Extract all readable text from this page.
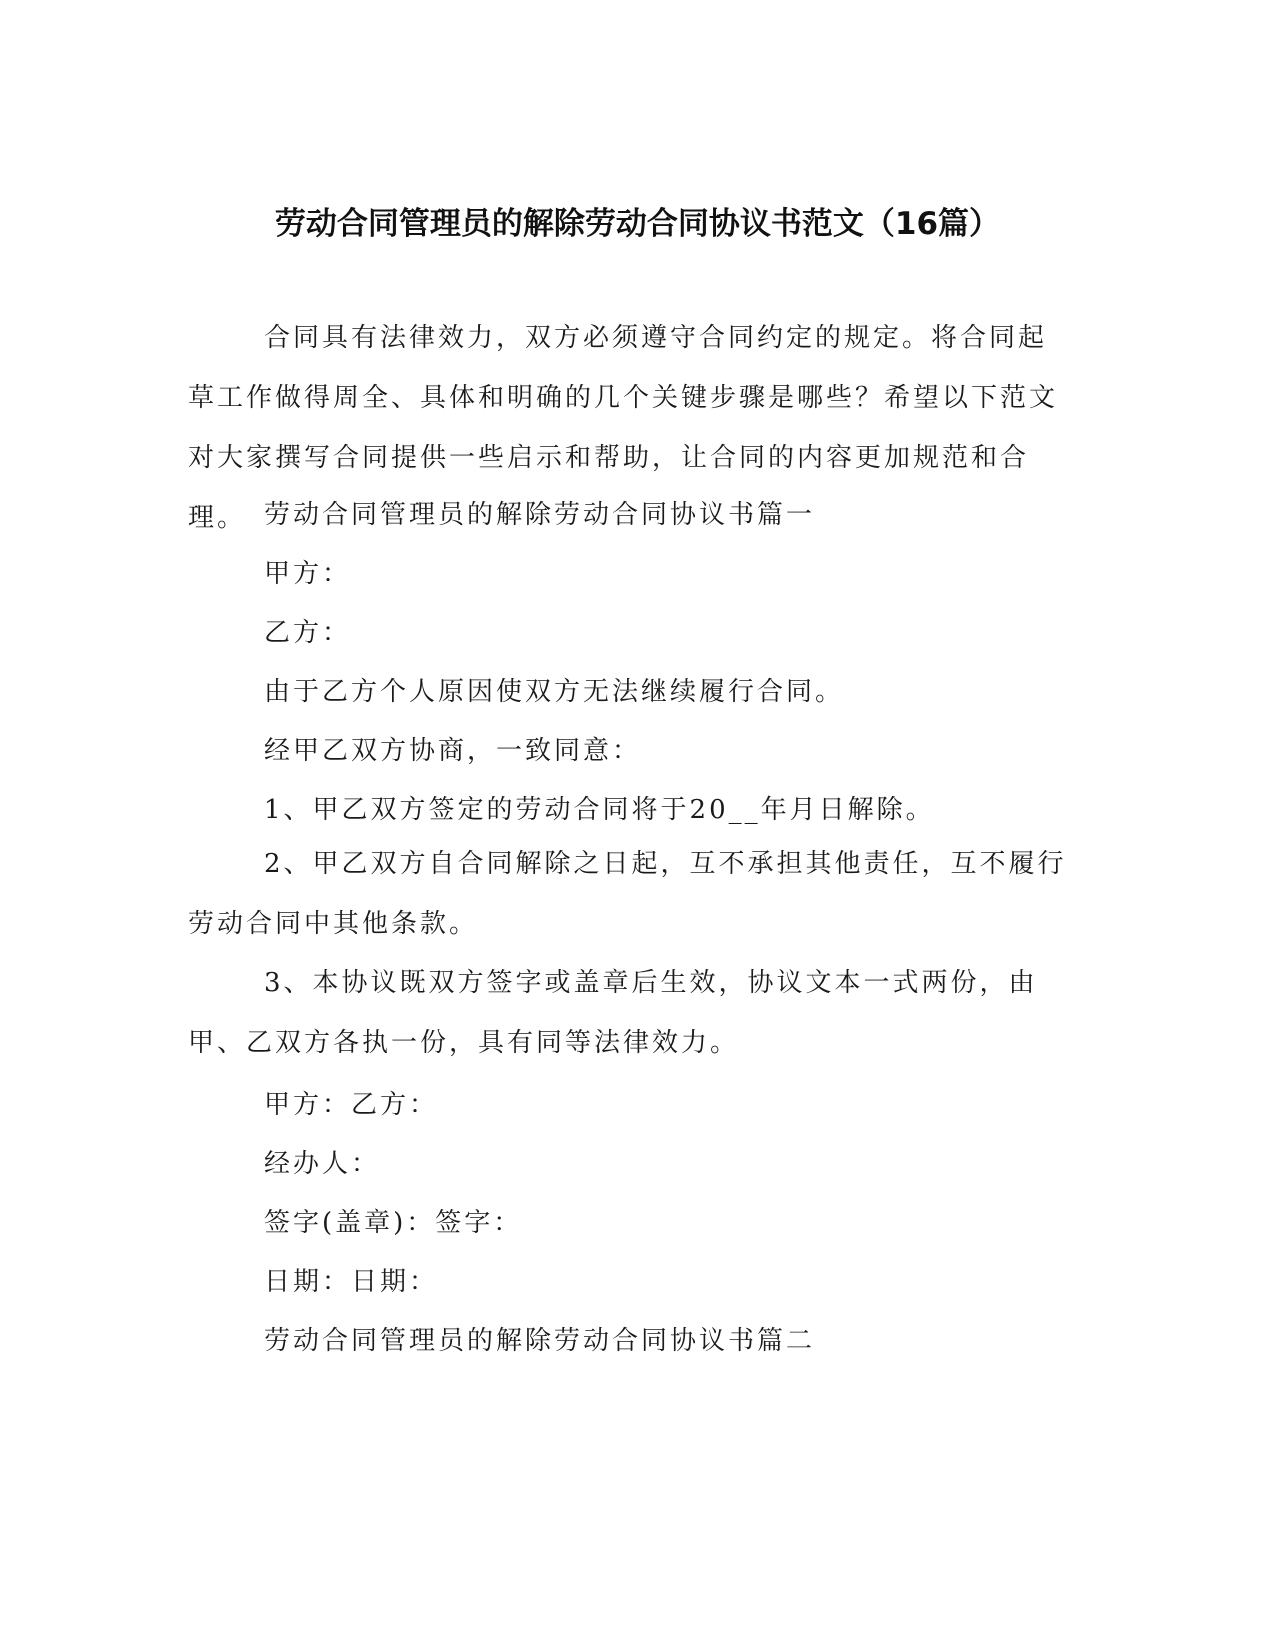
劳动合同管理员的解除劳动合同协议书范文（16篇）

合同具有法律效力，双方必须遵守合同约定的规定。将合同起草工作做得周全、具体和明确的几个关键步骤是哪些？希望以下范文对大家撰写合同提供一些启示和帮助，让合同的内容更加规范和合理。 劳动合同管理员的解除劳动合同协议书篇一

甲方：

乙方：

由于乙方个人原因使双方无法继续履行合同。

经甲乙双方协商，一致同意：

1、甲乙双方签定的劳动合同将于20__年月日解除。

2、甲乙双方自合同解除之日起，互不承担其他责任，互不履行劳动合同中其他条款。

3、本协议既双方签字或盖章后生效，协议文本一式两份，由甲、乙双方各执一份，具有同等法律效力。

甲方：乙方：

经办人：

签字(盖章)：签字：

日期：日期：

劳动合同管理员的解除劳动合同协议书篇二
